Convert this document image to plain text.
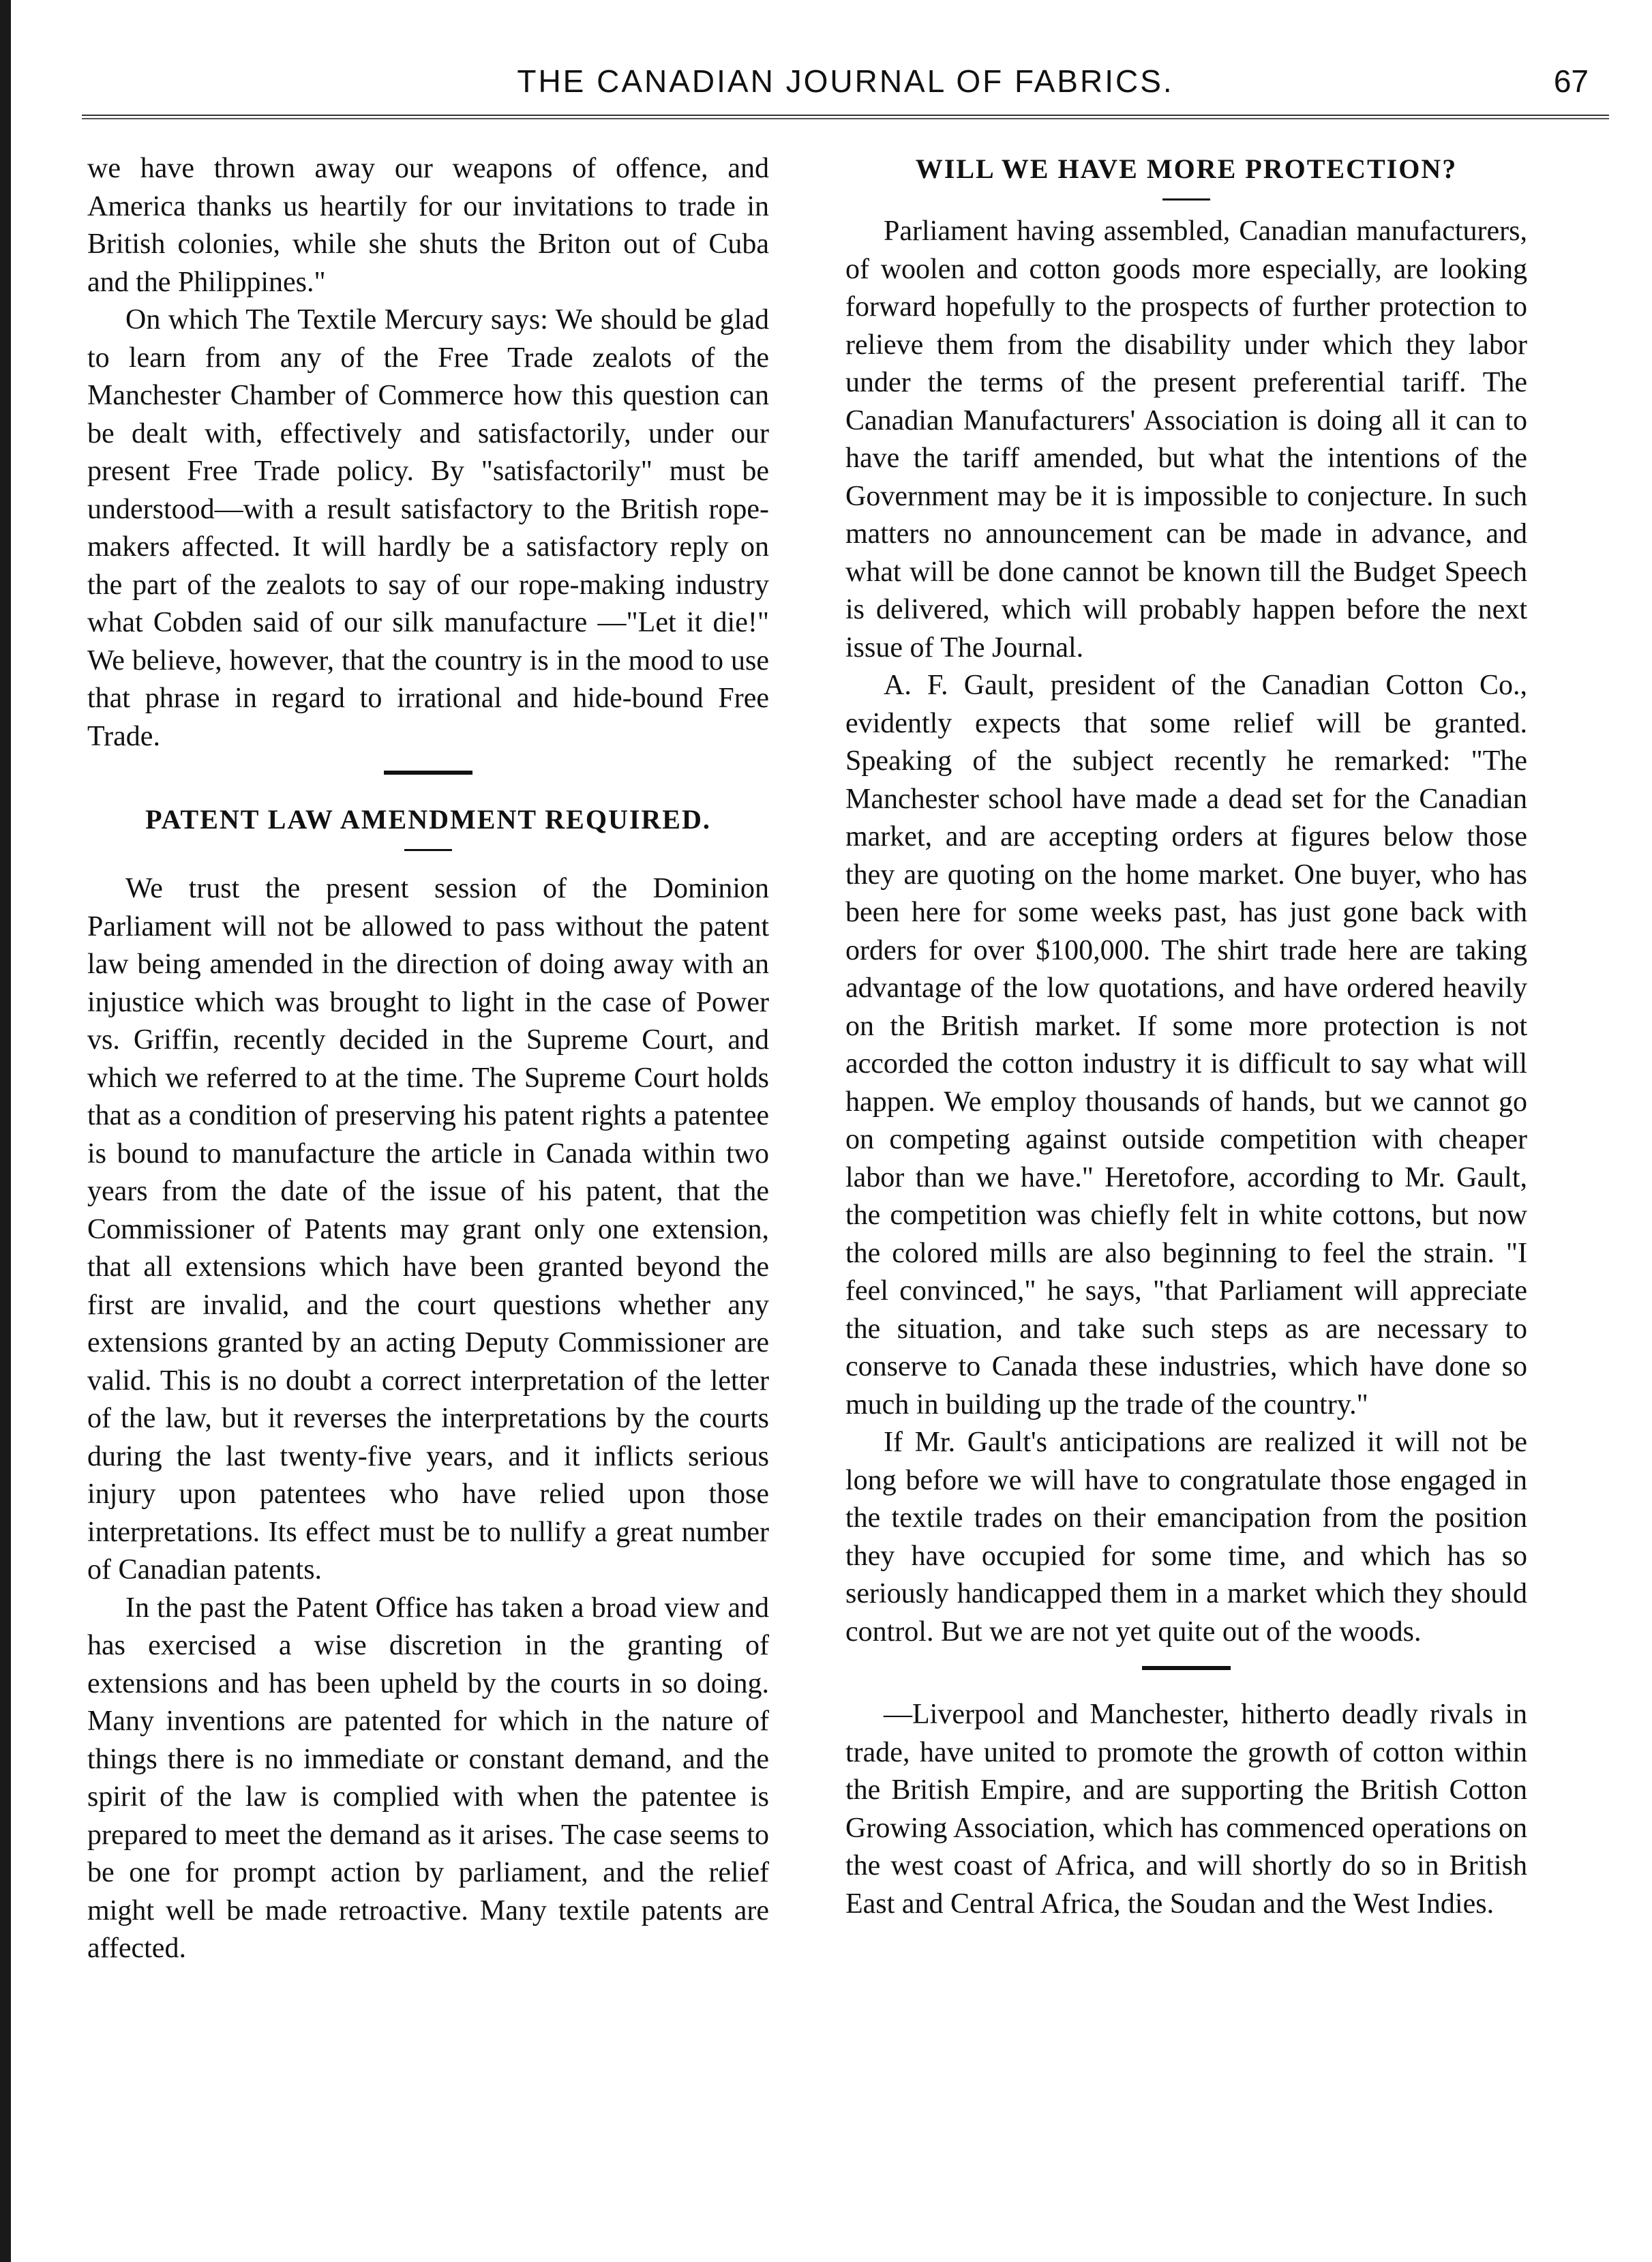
THE CANADIAN JOURNAL OF FABRICS.	67

we have thrown away our weapons of offence, and America thanks us heartily for our invitations to trade in British colonies, while she shuts the Briton out of Cuba and the Philippines."

On which The Textile Mercury says: We should be glad to learn from any of the Free Trade zealots of the Manchester Chamber of Commerce how this question can be dealt with, effectively and satisfactorily, under our present Free Trade policy. By "satisfactorily" must be understood—with a result satisfactory to the British rope-makers affected. It will hardly be a satisfactory reply on the part of the zealots to say of our rope-making industry what Cobden said of our silk manufacture —"Let it die!" We believe, however, that the country is in the mood to use that phrase in regard to irrational and hide-bound Free Trade.

PATENT LAW AMENDMENT REQUIRED.

We trust the present session of the Dominion Parliament will not be allowed to pass without the patent law being amended in the direction of doing away with an injustice which was brought to light in the case of Power vs. Griffin, recently decided in the Supreme Court, and which we referred to at the time. The Supreme Court holds that as a condition of preserving his patent rights a patentee is bound to manufacture the article in Canada within two years from the date of the issue of his patent, that the Commissioner of Patents may grant only one extension, that all extensions which have been granted beyond the first are invalid, and the court questions whether any extensions granted by an acting Deputy Commissioner are valid. This is no doubt a correct interpretation of the letter of the law, but it reverses the interpretations by the courts during the last twenty-five years, and it inflicts serious injury upon patentees who have relied upon those interpretations. Its effect must be to nullify a great number of Canadian patents.

In the past the Patent Office has taken a broad view and has exercised a wise discretion in the granting of extensions and has been upheld by the courts in so doing. Many inventions are patented for which in the nature of things there is no immediate or constant demand, and the spirit of the law is complied with when the patentee is prepared to meet the demand as it arises. The case seems to be one for prompt action by parliament, and the relief might well be made retroactive. Many textile patents are affected.

WILL WE HAVE MORE PROTECTION?

Parliament having assembled, Canadian manufacturers, of woolen and cotton goods more especially, are looking forward hopefully to the prospects of further protection to relieve them from the disability under which they labor under the terms of the present preferential tariff. The Canadian Manufacturers' Association is doing all it can to have the tariff amended, but what the intentions of the Government may be it is impossible to conjecture. In such matters no announcement can be made in advance, and what will be done cannot be known till the Budget Speech is delivered, which will probably happen before the next issue of The Journal.

A. F. Gault, president of the Canadian Cotton Co., evidently expects that some relief will be granted. Speaking of the subject recently he remarked: "The Manchester school have made a dead set for the Canadian market, and are accepting orders at figures below those they are quoting on the home market. One buyer, who has been here for some weeks past, has just gone back with orders for over $100,000. The shirt trade here are taking advantage of the low quotations, and have ordered heavily on the British market. If some more protection is not accorded the cotton industry it is difficult to say what will happen. We employ thousands of hands, but we cannot go on competing against outside competition with cheaper labor than we have." Heretofore, according to Mr. Gault, the competition was chiefly felt in white cottons, but now the colored mills are also beginning to feel the strain. "I feel convinced," he says, "that Parliament will appreciate the situation, and take such steps as are necessary to conserve to Canada these industries, which have done so much in building up the trade of the country."

If Mr. Gault's anticipations are realized it will not be long before we will have to congratulate those engaged in the textile trades on their emancipation from the position they have occupied for some time, and which has so seriously handicapped them in a market which they should control. But we are not yet quite out of the woods.

—Liverpool and Manchester, hitherto deadly rivals in trade, have united to promote the growth of cotton within the British Empire, and are supporting the British Cotton Growing Association, which has commenced operations on the west coast of Africa, and will shortly do so in British East and Central Africa, the Soudan and the West Indies.
